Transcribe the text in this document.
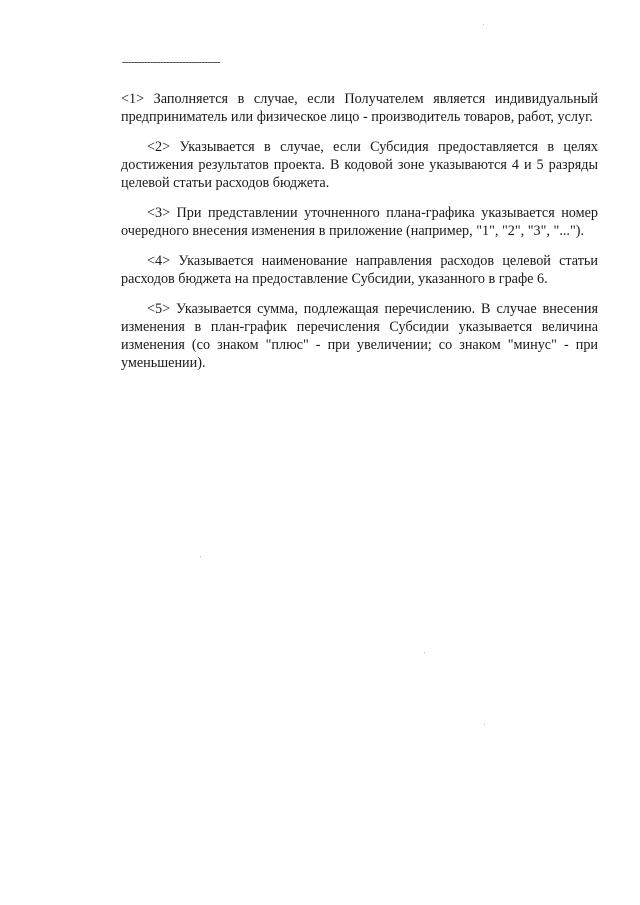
-------------------------------

<1> Заполняется в случае, если Получателем является индивидуальный предприниматель или физическое лицо - производитель товаров, работ, услуг.

<2> Указывается в случае, если Субсидия предоставляется в целях достижения результатов проекта. В кодовой зоне указываются 4 и 5 разряды целевой статьи расходов бюджета.

<3> При представлении уточненного плана-графика указывается номер очередного внесения изменения в приложение (например, "1", "2", "3", "...").

<4> Указывается наименование направления расходов целевой статьи расходов бюджета на предоставление Субсидии, указанного в графе 6.

<5> Указывается сумма, подлежащая перечислению. В случае внесения изменения в план-график перечисления Субсидии указывается величина изменения (со знаком "плюс" - при увеличении; со знаком "минус" - при уменьшении).
